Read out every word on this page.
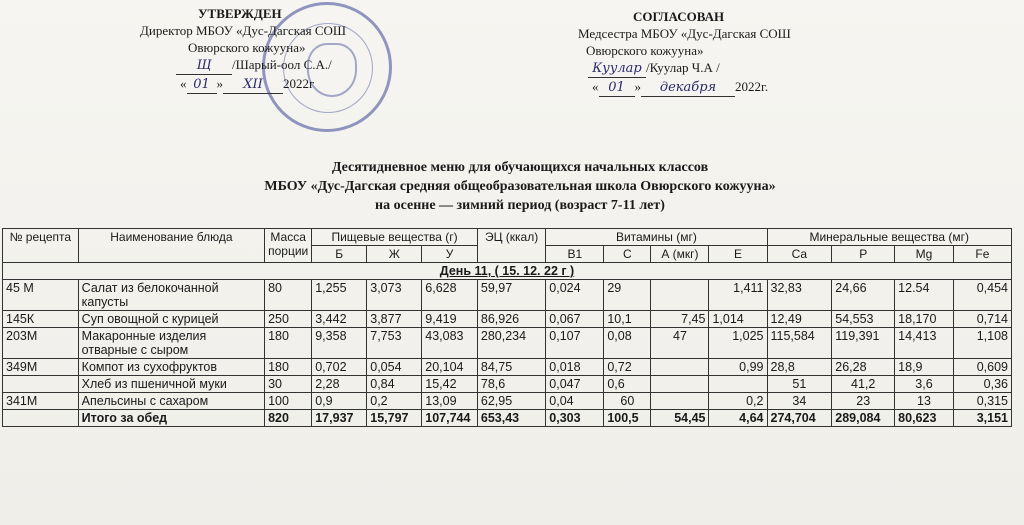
УТВЕРЖДЕН
Директор МБОУ «Дус-Дагская СОШ
Овюрского кожууна»
Щ /Шарый-оол С.А./
« 01 » XII 2022г
СОГЛАСОВАН
Медсестра МБОУ «Дус-Дагская СОШ
Овюрского кожууна»
Куулар /Куулар Ч.А /
« 01 » декабря 2022г.
Десятидневное меню для обучающихся начальных классов
МБОУ «Дус-Дагская средняя общеобразовательная школа Овюрского кожууна»
на осенне — зимний период (возраст 7-11 лет)
№ рецепта	Наименование блюда	Масса порции	Пищевые вещества (г)			ЭЦ (ккал)	Витамины (мг)				Минеральные вещества (мг)			
			Б	Ж	У		B1	С	А (мкг)	Е	Са	Р	Mg	Fe
День 11, ( 15. 12. 22 г )														
45 М	Салат из белокочанной капусты	80	1,255	3,073	6,628	59,97	0,024	29		1,411	32,83	24,66	12.54	0,454
145К	Суп овощной с курицей	250	3,442	3,877	9,419	86,926	0,067	10,1	7,45	1,014	12,49	54,553	18,170	0,714
203М	Макаронные изделия отварные с сыром	180	9,358	7,753	43,083	280,234	0,107	0,08	47	1,025	115,584	119,391	14,413	1,108
349М	Компот из сухофруктов	180	0,702	0,054	20,104	84,75	0,018	0,72		0,99	28,8	26,28	18,9	0,609
	Хлеб из пшеничной муки	30	2,28	0,84	15,42	78,6	0,047	0,6			51	41,2	3,6	0,36
341М	Апельсины с сахаром	100	0,9	0,2	13,09	62,95	0,04	60		0,2	34	23	13	0,315
	Итого за обед	820	17,937	15,797	107,744	653,43	0,303	100,5	54,45	4,64	274,704	289,084	80,623	3,151
